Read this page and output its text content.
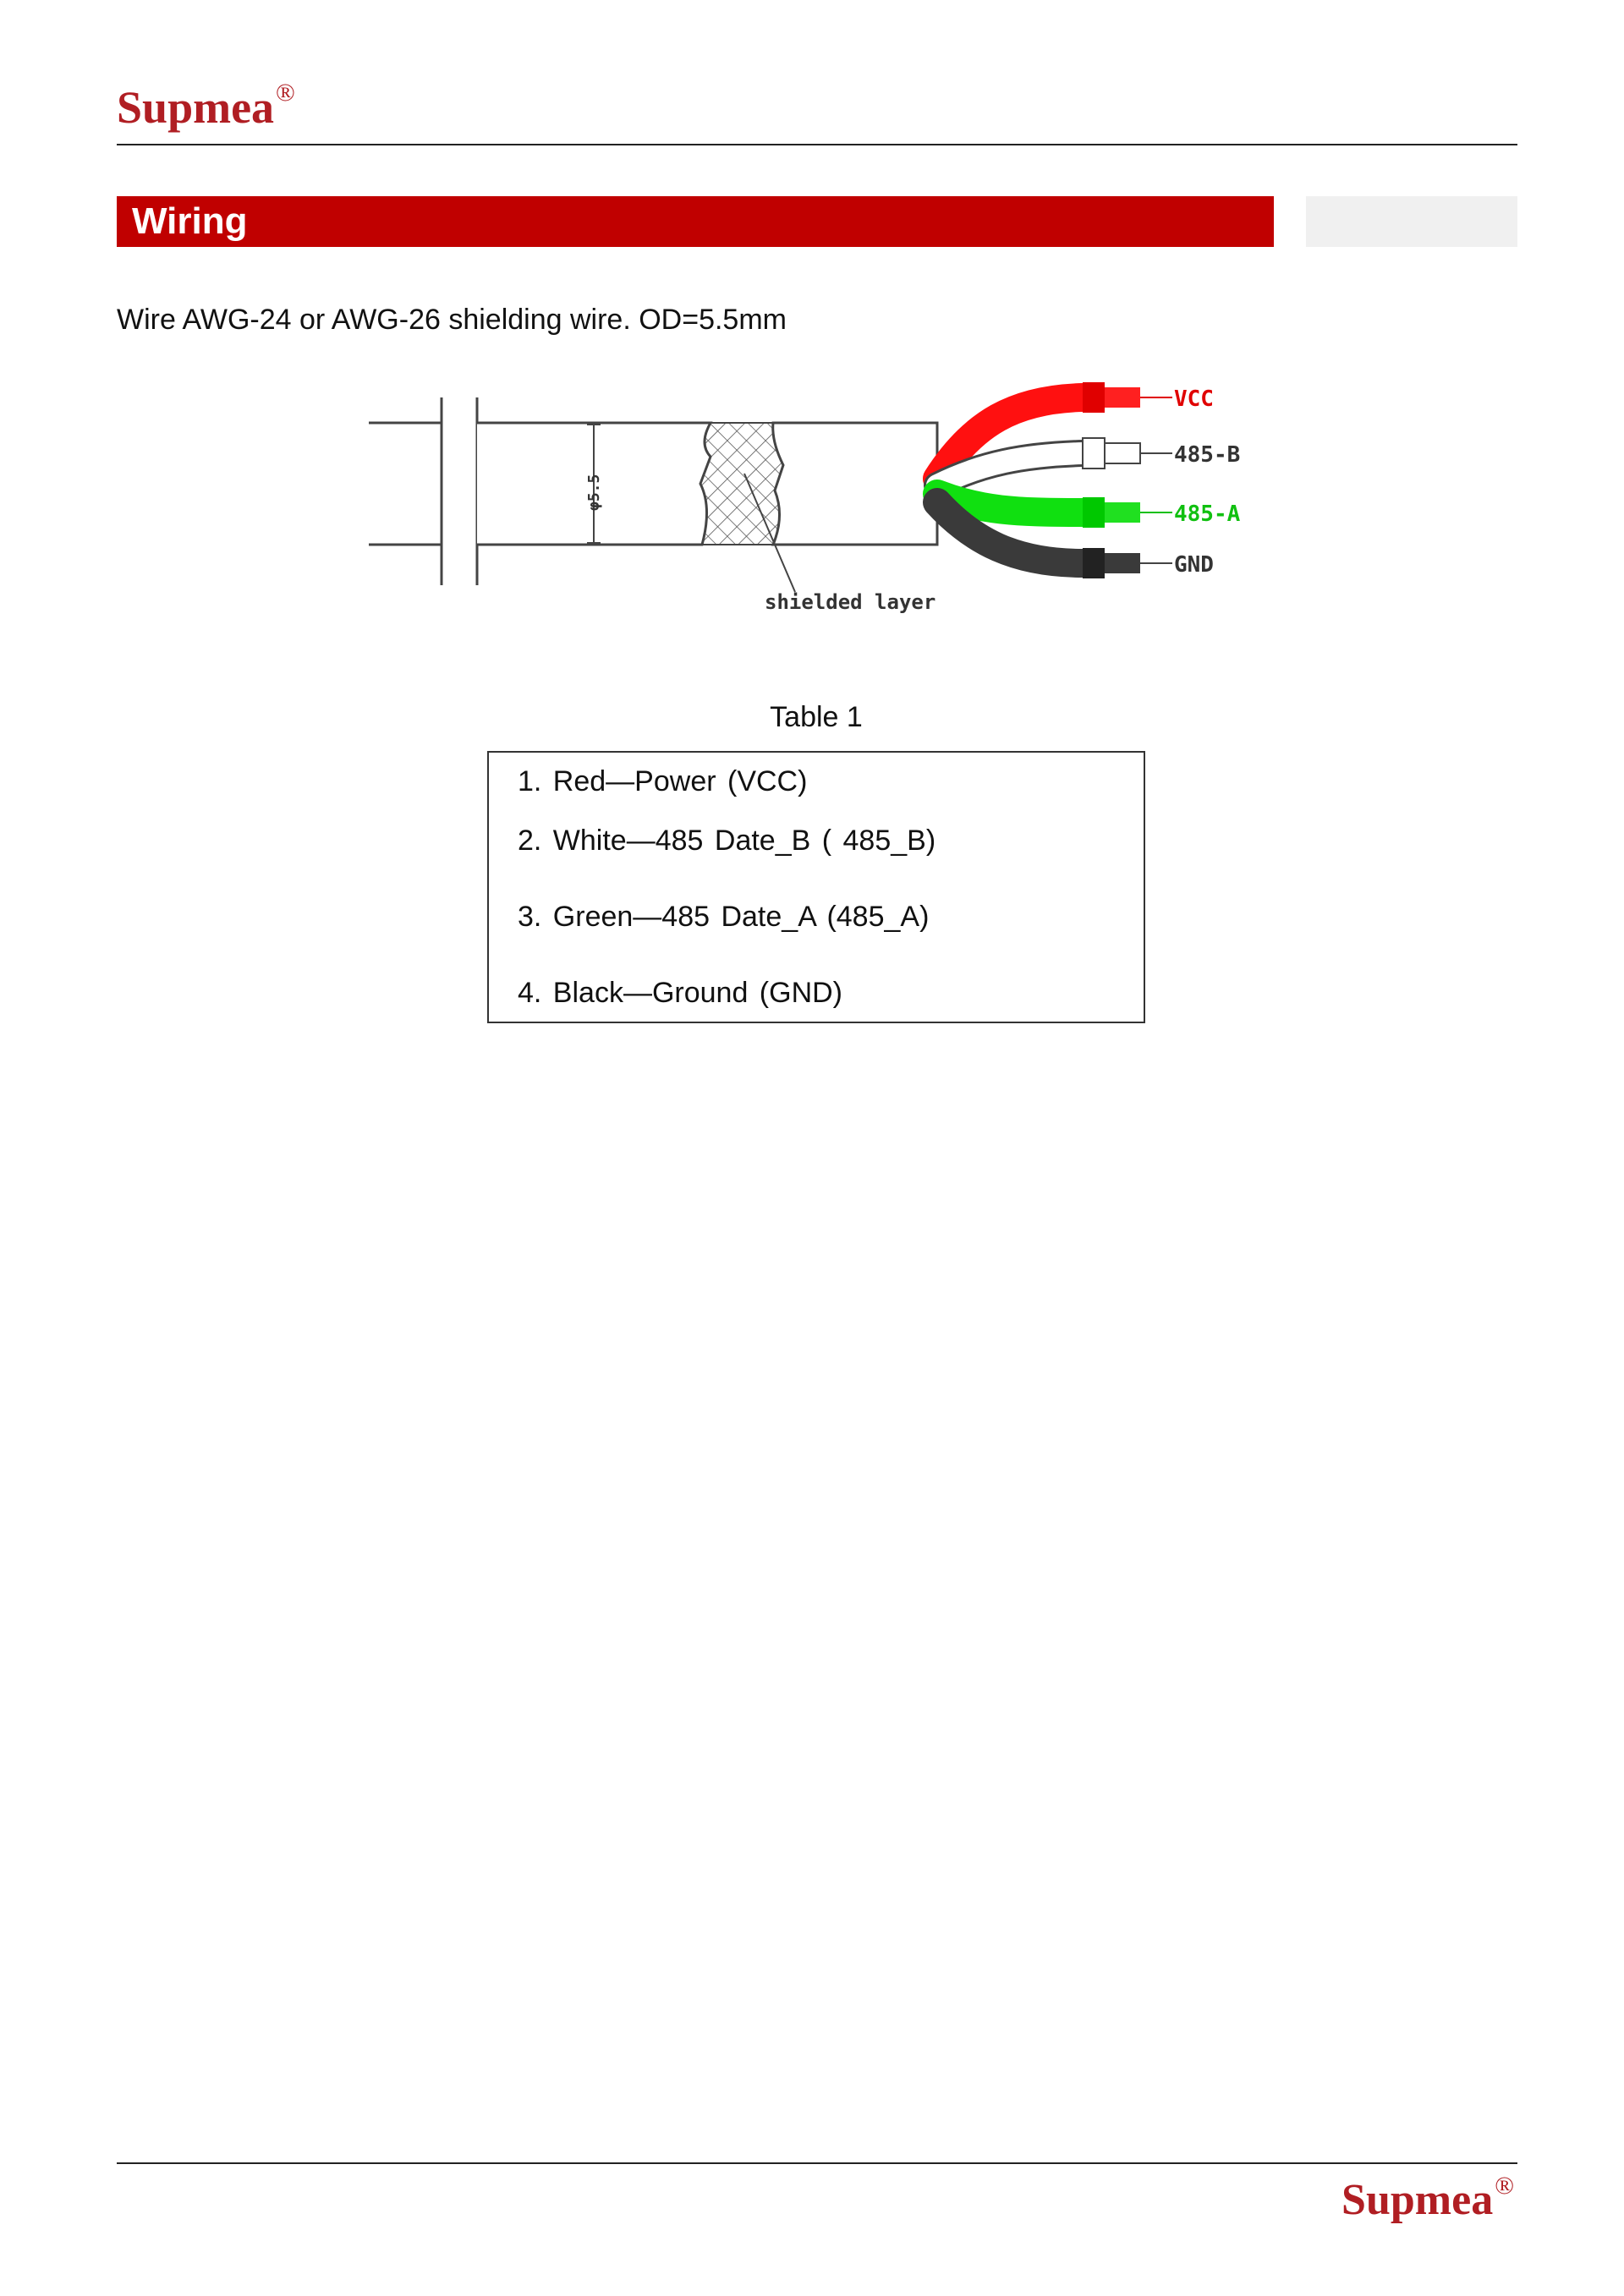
Supmea®
Wiring
Wire AWG-24 or AWG-26 shielding wire. OD=5.5mm
φ5.5
shielded layer
VCC
485-B
485-A
GND
Table 1
1. Red—Power (VCC)
2. White—485 Date_B ( 485_B)
3. Green—485 Date_A (485_A)
4. Black—Ground (GND)
Supmea®
